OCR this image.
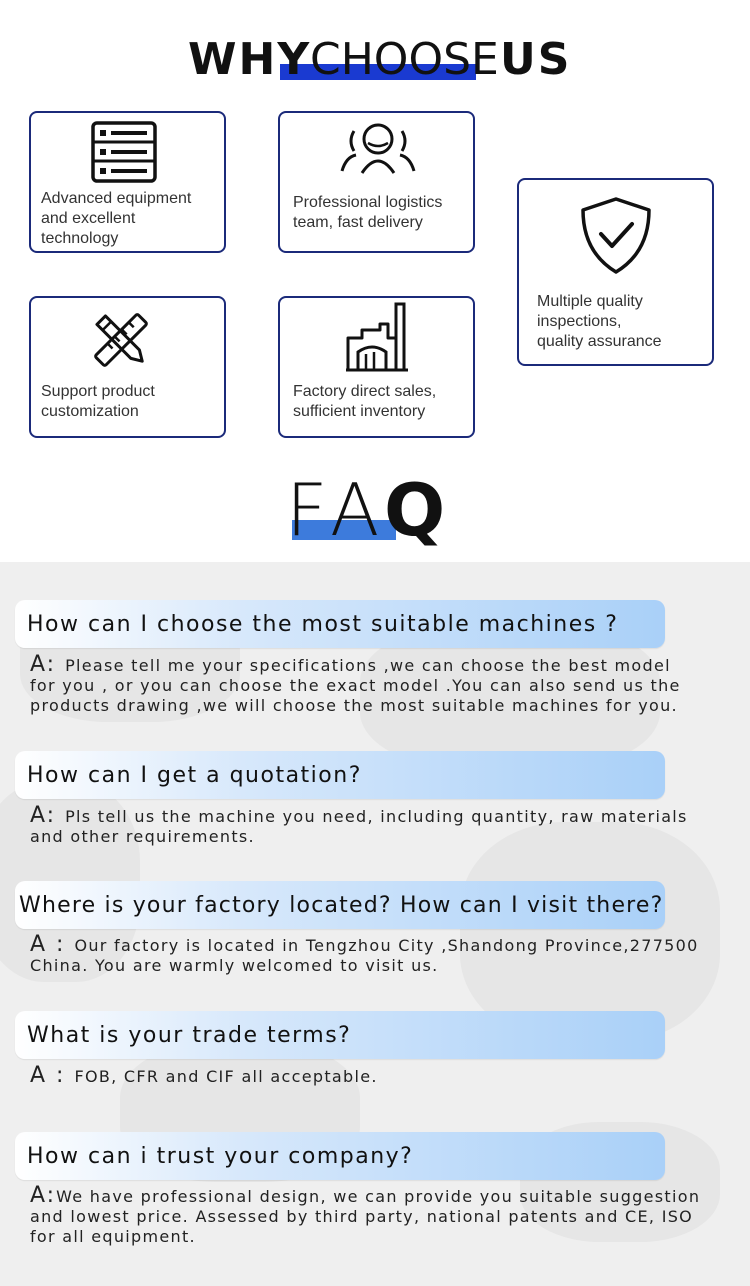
WHY
CHOOSE US
Advanced equipment
and excellent
technology
Professional logistics
team, fast delivery
Multiple quality
inspections,
quality assurance
Support product
customization
Factory direct sales,
sufficient inventory
F A Q
How can I choose the most suitable machines ?
A: Please tell me your specifications ,we can choose the best model
for you , or you can choose the exact model .You can also send us the
products drawing ,we will choose the most suitable machines for you.
How can I get a quotation?
A: Pls tell us the machine you need, including quantity, raw materials
and other requirements.
Where is your factory located? How can I visit there?
A : Our factory is located in Tengzhou City ,Shandong Province,277500
China. You are warmly welcomed to visit us.
What is your trade terms?
A : FOB, CFR and CIF all acceptable.
How can i trust your company?
A:We have professional design, we can provide you suitable suggestion
and lowest price. Assessed by third party, national patents and CE, ISO
for all equipment.
